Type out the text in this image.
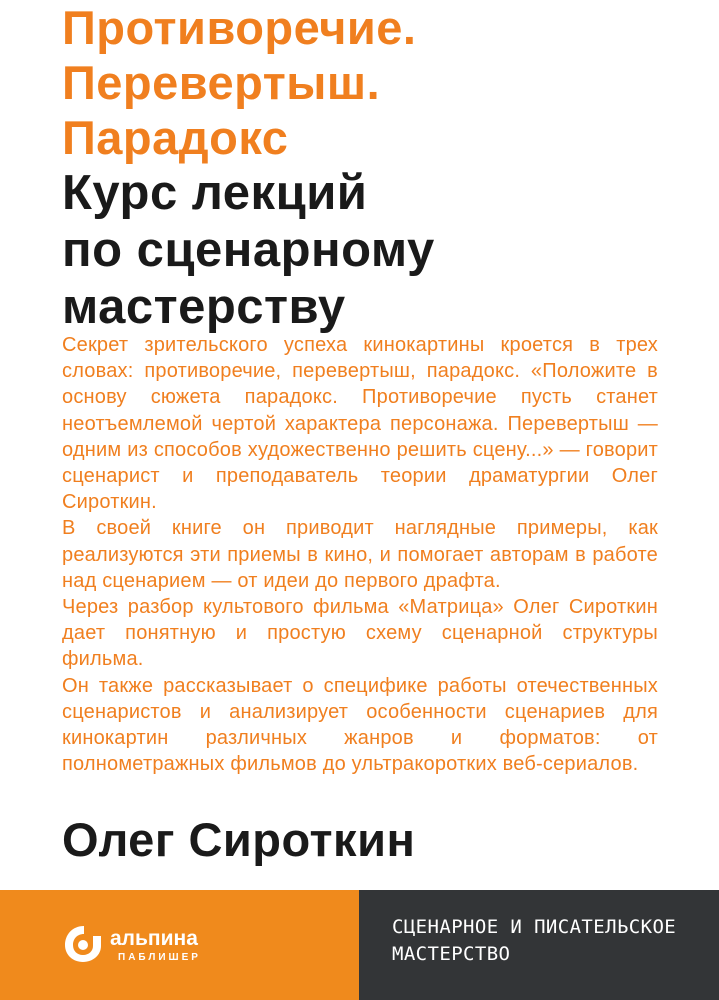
Противоречие.
Перевертыш.
Парадокс
Курс лекций
по сценарному
мастерству

Секрет зрительского успеха кинокартины кроется в трех словах: противоречие, перевертыш, парадокс. «Положите в основу сюжета парадокс. Противоречие пусть станет неотъемлемой чертой характера персонажа. Перевертыш — одним из способов художественно решить сцену...» — говорит сценарист и преподаватель теории драматургии Олег Сироткин.

В своей книге он приводит наглядные примеры, как реализуются эти приемы в кино, и помогает авторам в работе над сценарием — от идеи до первого драфта.

Через разбор культового фильма «Матрица» Олег Сироткин дает понятную и простую схему сценарной структуры фильма.

Он также рассказывает о специфике работы отечественных сценаристов и анализирует особенности сценариев для кинокартин различных жанров и форматов: от полнометражных фильмов до ультракоротких веб-сериалов.

Олег Сироткин
альпина
ПАБЛИШЕР
СЦЕНАРНОЕ И ПИСАТЕЛЬСКОЕ
МАСТЕРСТВО
